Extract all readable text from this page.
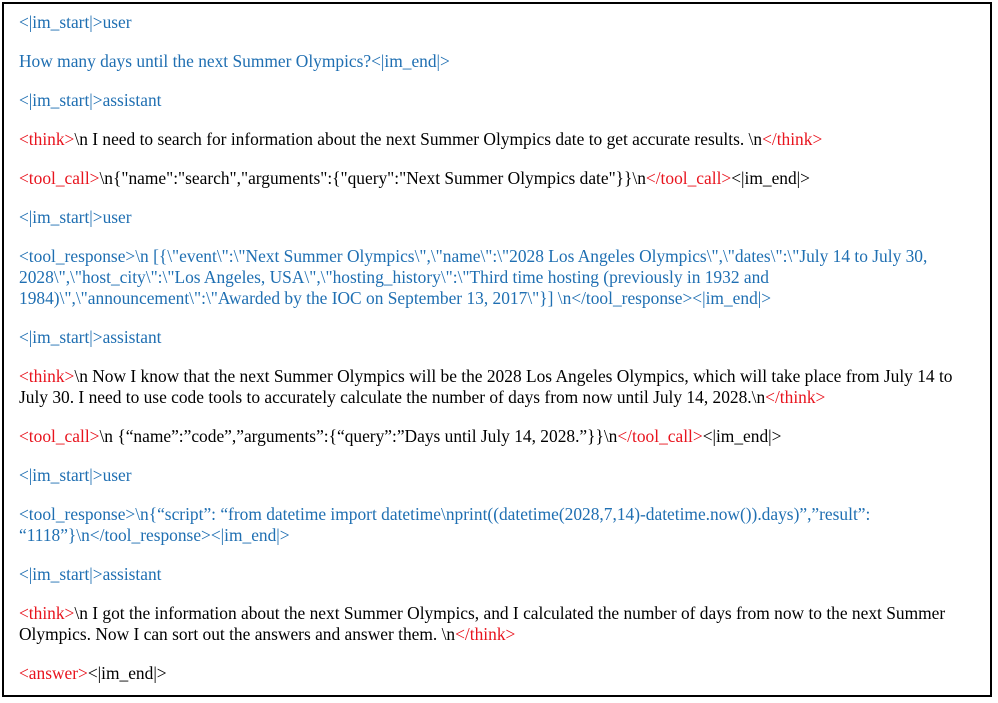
<|im_start|>user
How many days until the next Summer Olympics?<|im_end|>
<|im_start|>assistant
<think>\n I need to search for information about the next Summer Olympics date to get accurate results. \n</think>
<tool_call>\n{"name":"search","arguments":{"query":"Next Summer Olympics date"}}\n</tool_call><|im_end|>
<|im_start|>user
<tool_response>\n [{\"event\":\"Next Summer Olympics\",\"name\":\"2028 Los Angeles Olympics\",\"dates\":\"July 14 to July 30, 2028\",\"host_city\":\"Los Angeles, USA\",\"hosting_history\":\"Third time hosting (previously in 1932 and 1984)\",\"announcement\":\"Awarded by the IOC on September 13, 2017\"}] \n</tool_response><|im_end|>
<|im_start|>assistant
<think>\n Now I know that the next Summer Olympics will be the 2028 Los Angeles Olympics, which will take place from July 14 to July 30. I need to use code tools to accurately calculate the number of days from now until July 14, 2028.\n</think>
<tool_call>\n {“name”:”code”,”arguments”:{“query”:”Days until July 14, 2028.”}}\n</tool_call><|im_end|>
<|im_start|>user
<tool_response>\n{“script”: “from datetime import datetime\nprint((datetime(2028,7,14)-datetime.now()).days)”,”result”: “1118”}\n</tool_response><|im_end|>
<|im_start|>assistant
<think>\n I got the information about the next Summer Olympics, and I calculated the number of days from now to the next Summer Olympics. Now I can sort out the answers and answer them. \n</think>
<answer><|im_end|>
